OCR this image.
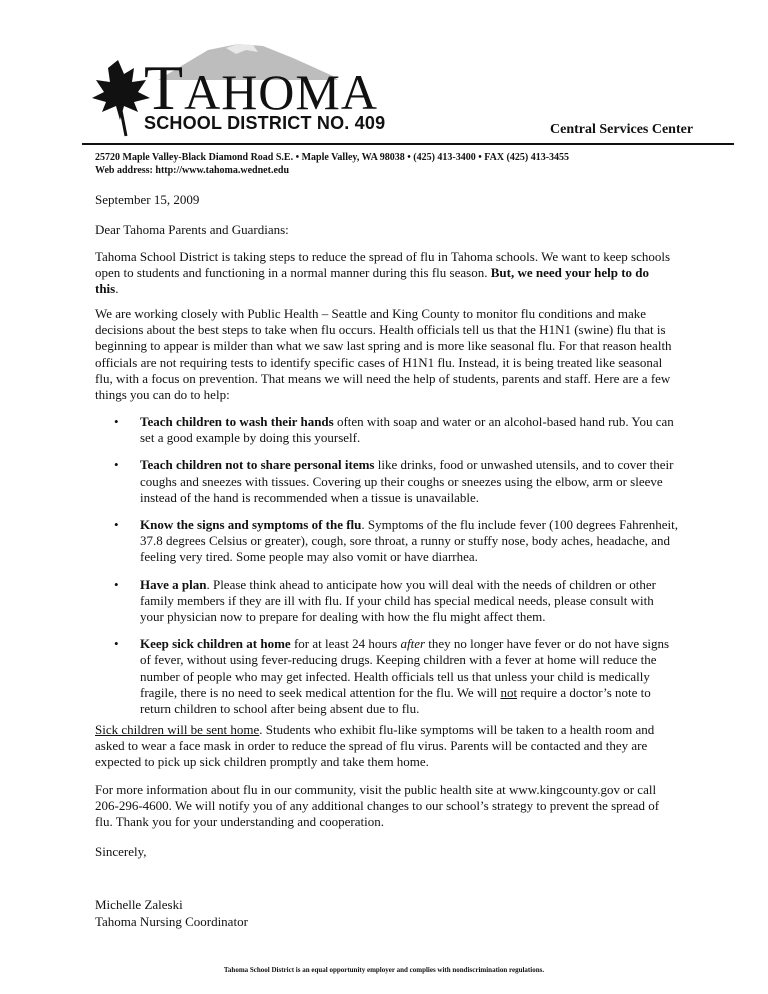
TAHOMA
SCHOOL DISTRICT NO. 409	Central Services Center
25720 Maple Valley-Black Diamond Road S.E. • Maple Valley, WA 98038 • (425) 413-3400 • FAX (425) 413-3455
Web address: http://www.tahoma.wednet.edu
September 15, 2009
Dear Tahoma Parents and Guardians:
Tahoma School District is taking steps to reduce the spread of flu in Tahoma schools. We want to keep schools open to students and functioning in a normal manner during this flu season. But, we need your help to do this.
We are working closely with Public Health – Seattle and King County to monitor flu conditions and make decisions about the best steps to take when flu occurs. Health officials tell us that the H1N1 (swine) flu that is beginning to appear is milder than what we saw last spring and is more like seasonal flu. For that reason health officials are not requiring tests to identify specific cases of H1N1 flu. Instead, it is being treated like seasonal flu, with a focus on prevention. That means we will need the help of students, parents and staff. Here are a few things you can do to help:
• Teach children to wash their hands often with soap and water or an alcohol-based hand rub. You can set a good example by doing this yourself.
• Teach children not to share personal items like drinks, food or unwashed utensils, and to cover their coughs and sneezes with tissues. Covering up their coughs or sneezes using the elbow, arm or sleeve instead of the hand is recommended when a tissue is unavailable.
• Know the signs and symptoms of the flu. Symptoms of the flu include fever (100 degrees Fahrenheit, 37.8 degrees Celsius or greater), cough, sore throat, a runny or stuffy nose, body aches, headache, and feeling very tired. Some people may also vomit or have diarrhea.
• Have a plan. Please think ahead to anticipate how you will deal with the needs of children or other family members if they are ill with flu. If your child has special medical needs, please consult with your physician now to prepare for dealing with how the flu might affect them.
• Keep sick children at home for at least 24 hours after they no longer have fever or do not have signs of fever, without using fever-reducing drugs. Keeping children with a fever at home will reduce the number of people who may get infected. Health officials tell us that unless your child is medically fragile, there is no need to seek medical attention for the flu. We will not require a doctor’s note to return children to school after being absent due to flu.
Sick children will be sent home. Students who exhibit flu-like symptoms will be taken to a health room and asked to wear a face mask in order to reduce the spread of flu virus. Parents will be contacted and they are expected to pick up sick children promptly and take them home.
For more information about flu in our community, visit the public health site at www.kingcounty.gov or call 206-296-4600. We will notify you of any additional changes to our school’s strategy to prevent the spread of flu. Thank you for your understanding and cooperation.
Sincerely,
Michelle Zaleski
Tahoma Nursing Coordinator
Tahoma School District is an equal opportunity employer and complies with nondiscrimination regulations.
